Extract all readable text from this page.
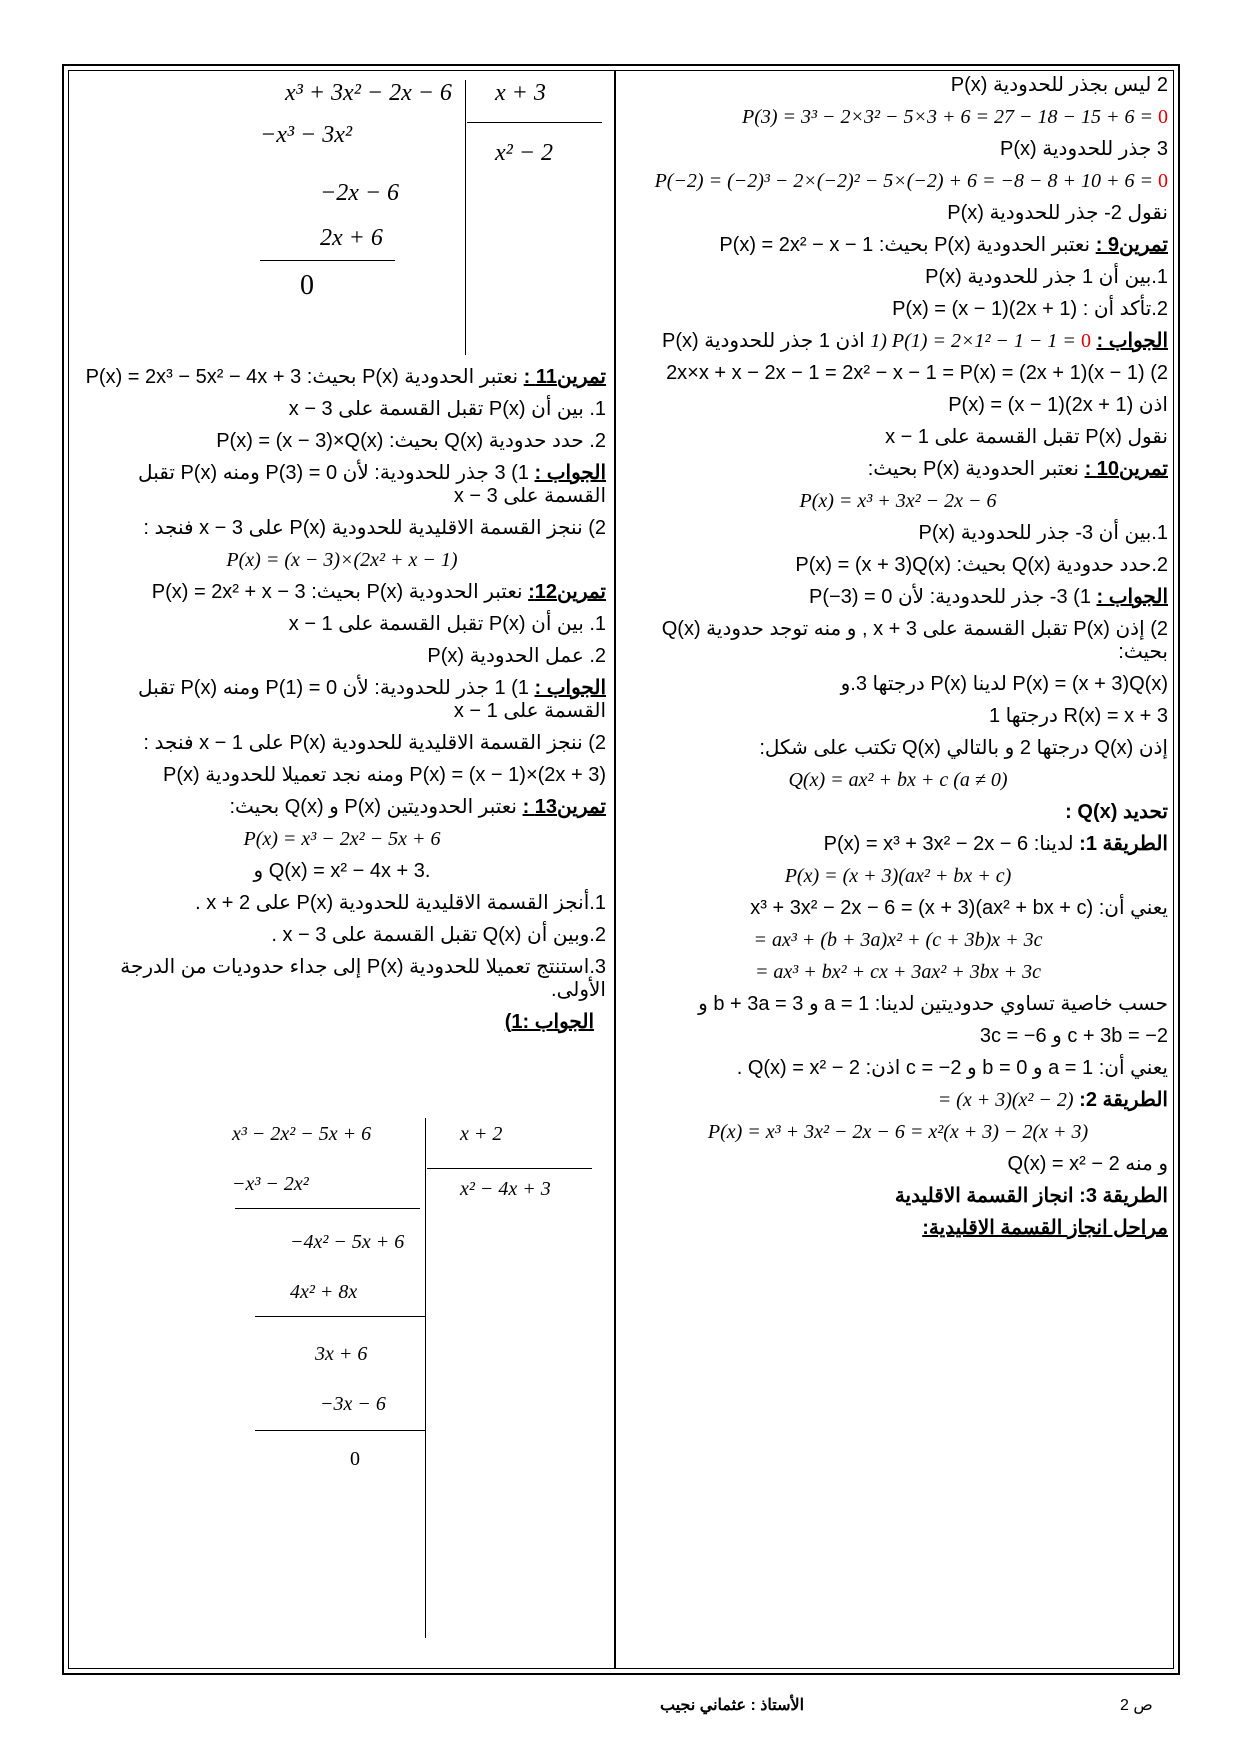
2 ليس بجذر للحدودية P(x)
P(3) = 3³ − 2×3² − 5×3 + 6 = 27 − 18 − 15 + 6 = 0
3 جذر للحدودية P(x)
P(−2) = (−2)³ − 2×(−2)² − 5×(−2) + 6 = −8 − 8 + 10 + 6 = 0
نقول 2- جذر للحدودية P(x)
تمرين9 : نعتبر الحدودية P(x) بحيث: P(x) = 2x² − x − 1
1.بين أن 1 جذر للحدودية P(x)
2.تأكد أن : P(x) = (x − 1)(2x + 1)
الجواب : 1) P(1) = 2×1² − 1 − 1 = 0 اذن 1 جذر للحدودية P(x)
2) (x − 1)(2x + 1) = 2x×x + x − 2x − 1 = 2x² − x − 1 = P(x)
اذن P(x) = (x − 1)(2x + 1)
نقول P(x) تقبل القسمة على x − 1
تمرين10 : نعتبر الحدودية P(x) بحيث:
P(x) = x³ + 3x² − 2x − 6
1.بين أن 3- جذر للحدودية P(x)
2.حدد حدودية Q(x) بحيث: P(x) = (x + 3)Q(x)
الجواب : 1) 3- جذر للحدودية: لأن P(−3) = 0
2) إذن P(x) تقبل القسمة على x + 3 , و منه توجد حدودية Q(x) بحيث:
P(x) = (x + 3)Q(x) لدينا P(x) درجتها 3.و
R(x) = x + 3 درجتها 1
إذن Q(x) درجتها 2 و بالتالي Q(x) تكتب على شكل:
Q(x) = ax² + bx + c (a ≠ 0)
تحديد Q(x) :
الطريقة 1: لدينا: P(x) = x³ + 3x² − 2x − 6
P(x) = (x + 3)(ax² + bx + c)
يعني أن: x³ + 3x² − 2x − 6 = (x + 3)(ax² + bx + c)
= ax³ + (b + 3a)x² + (c + 3b)x + 3c
= ax³ + bx² + cx + 3ax² + 3bx + 3c
حسب خاصية تساوي حدوديتين لدينا: a = 1 و b + 3a = 3 و
c + 3b = −2 و 3c = −6
يعني أن: a = 1 و b = 0 و c = −2 اذن: Q(x) = x² − 2 .
الطريقة 2: = (x + 3)(x² − 2)
P(x) = x³ + 3x² − 2x − 6 = x²(x + 3) − 2(x + 3)
و منه Q(x) = x² − 2
الطريقة 3: انجاز القسمة الاقليدية
مراحل انجاز القسمة الاقليدية:
x³ + 3x² − 2x − 6 x + 3
x² − 2
−x³ − 3x²
−2x − 6
2x + 6
0
تمرين11 : نعتبر الحدودية P(x) بحيث: P(x) = 2x³ − 5x² − 4x + 3
1. بين أن P(x) تقبل القسمة على x − 3
2. حدد حدودية Q(x) بحيث: P(x) = (x − 3)×Q(x)
الجواب : 1) 3 جذر للحدودية: لأن P(3) = 0 ومنه P(x) تقبل القسمة على x − 3
2) ننجز القسمة الاقليدية للحدودية P(x) على x − 3 فنجد :
P(x) = (x − 3)×(2x² + x − 1)
تمرين12: نعتبر الحدودية P(x) بحيث: P(x) = 2x² + x − 3
1. بين أن P(x) تقبل القسمة على x − 1
2. عمل الحدودية P(x)
الجواب : 1) 1 جذر للحدودية: لأن P(1) = 0 ومنه P(x) تقبل القسمة على x − 1
2) ننجز القسمة الاقليدية للحدودية P(x) على x − 1 فنجد :
P(x) = (x − 1)×(2x + 3) ومنه نجد تعميلا للحدودية P(x)
تمرين13 : نعتبر الحدوديتين P(x) و Q(x) بحيث:
P(x) = x³ − 2x² − 5x + 6
و Q(x) = x² − 4x + 3.
1.أنجز القسمة الاقليدية للحدودية P(x) على x + 2 .
2.وبين أن Q(x) تقبل القسمة على x − 3 .
3.استنتج تعميلا للحدودية P(x) إلى جداء حدوديات من الدرجة الأولى.
الجواب :1)
x³ − 2x² − 5x + 6	x + 2
x² − 4x + 3
−x³ − 2x²
−4x² − 5x + 6
4x² + 8x
3x + 6
−3x − 6
0
ص 2
الأستاذ : عثماني نجيب
